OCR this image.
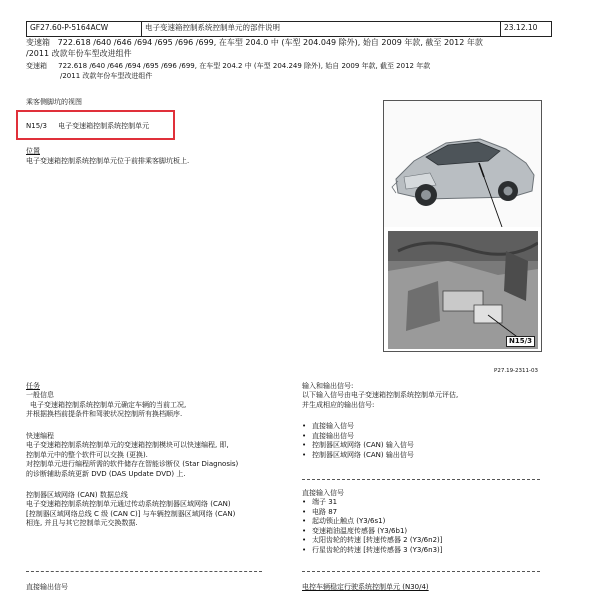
GF27.60-P-5164ACW	电子变速箱控制系统控制单元的部件说明	23.12.10
变速箱 722.618 /640 /646 /694 /695 /696 /699, 在车型 204.0 中 (车型 204.049 除外), 始自 2009 年款, 截至 2012 年款
/2011 改款年份车型改进组件
变速箱 722.618 /640 /646 /694 /695 /696 /699, 在车型 204.2 中 (车型 204.249 除外), 始自 2009 年款, 截至 2012 年款
/2011 改款年份车型改进组件
乘客侧脚坑的视图
N15/3 电子变速箱控制系统控制单元
位置
电子变速箱控制系统控制单元位于前排乘客脚坑板上.
N15/3
P27.19-2311-03
任务
一般信息
电子变速箱控制系统控制单元确定车辆的当前工况,
并根据换档前提条件和驾驶状况控制所有换档顺序.
快速编程
电子变速箱控制系统控制单元的变速箱控制模块可以快速编程, 即,
控制单元中的整个软件可以交换 (更换).
对控制单元进行编程所需的软件储存在智能诊断仪 (Star Diagnosis)
的诊断辅助系统更新 DVD (DAS Update DVD) 上.
控制器区域网络 (CAN) 数据总线
电子变速箱控制系统控制单元通过传动系统控制器区域网络 (CAN)
[控制器区域网络总线 C 级 (CAN C)] 与车辆控制器区域网络 (CAN)
相连, 并且与其它控制单元交换数据.
直接输出信号
输入和输出信号:
以下输入信号由电子变速箱控制系统控制单元评估,
并生成相应的输出信号:
• 直接输入信号
• 直接输出信号
• 控制器区域网络 (CAN) 输入信号
• 控制器区域网络 (CAN) 输出信号
直接输入信号
• 端子 31
• 电路 87
• 起动锁止触点 (Y3/6s1)
• 变速箱油温度传感器 (Y3/6b1)
• 太阳齿轮的转速 [转速传感器 2 (Y3/6n2)]
• 行星齿轮的转速 [转速传感器 3 (Y3/6n3)]
电控车辆稳定行驶系统控制单元 (N30/4)
